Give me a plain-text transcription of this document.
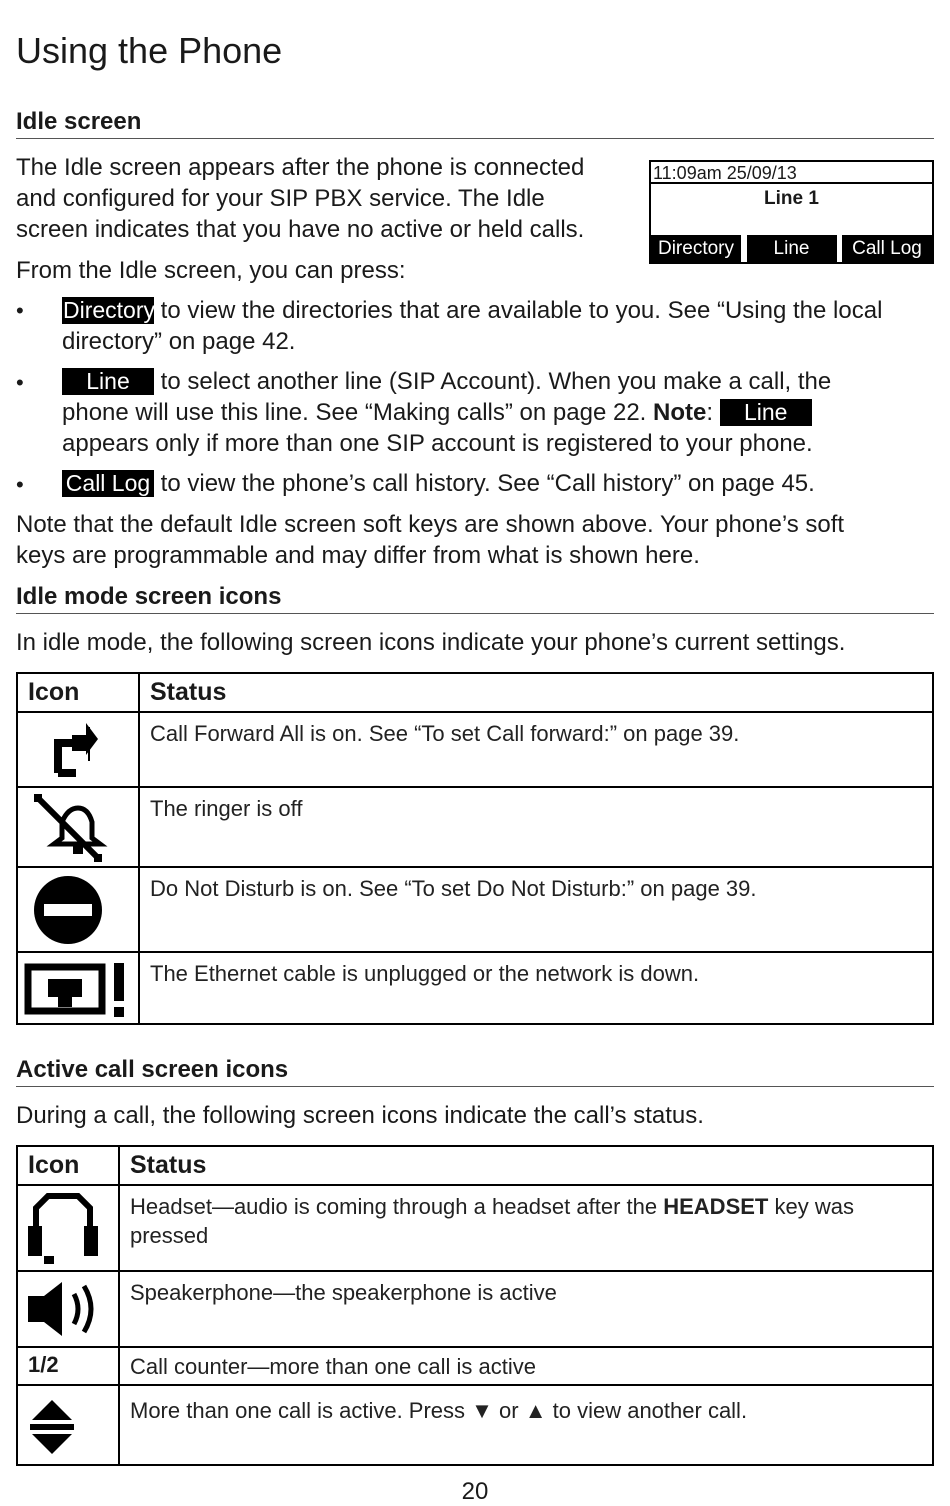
Using the Phone
Idle screen
The Idle screen appears after the phone is connected
and configured for your SIP PBX service. The Idle
screen indicates that you have no active or held calls.
From the Idle screen, you can press:
11:09am 25/09/13
Line 1
Directory	Line	Call Log
• Directory to view the directories that are available to you. See “Using the local
directory” on page 42.
•	Line to select another line (SIP Account). When you make a call, the
phone will use this line. See “Making calls” on page 22. Note: Line
appears only if more than one SIP account is registered to your phone.
• Call Log to view the phone’s call history. See “Call history” on page 45.
Note that the default Idle screen soft keys are shown above. Your phone’s soft
keys are programmable and may differ from what is shown here.
Idle mode screen icons
In idle mode, the following screen icons indicate your phone’s current settings.
Icon	Status

	Call Forward All is on. See “To set Call forward:” on page 39.

	The ringer is off

	Do Not Disturb is on. See “To set Do Not Disturb:” on page 39.

	The Ethernet cable is unplugged or the network is down.
Active call screen icons
During a call, the following screen icons indicate the call’s status.
Icon	Status

	Headset—audio is coming through a headset after the HEADSET key was
pressed

	Speakerphone—the speakerphone is active
1/2	Call counter—more than one call is active

	More than one call is active. Press ▼ or ▲ to view another call.
20
